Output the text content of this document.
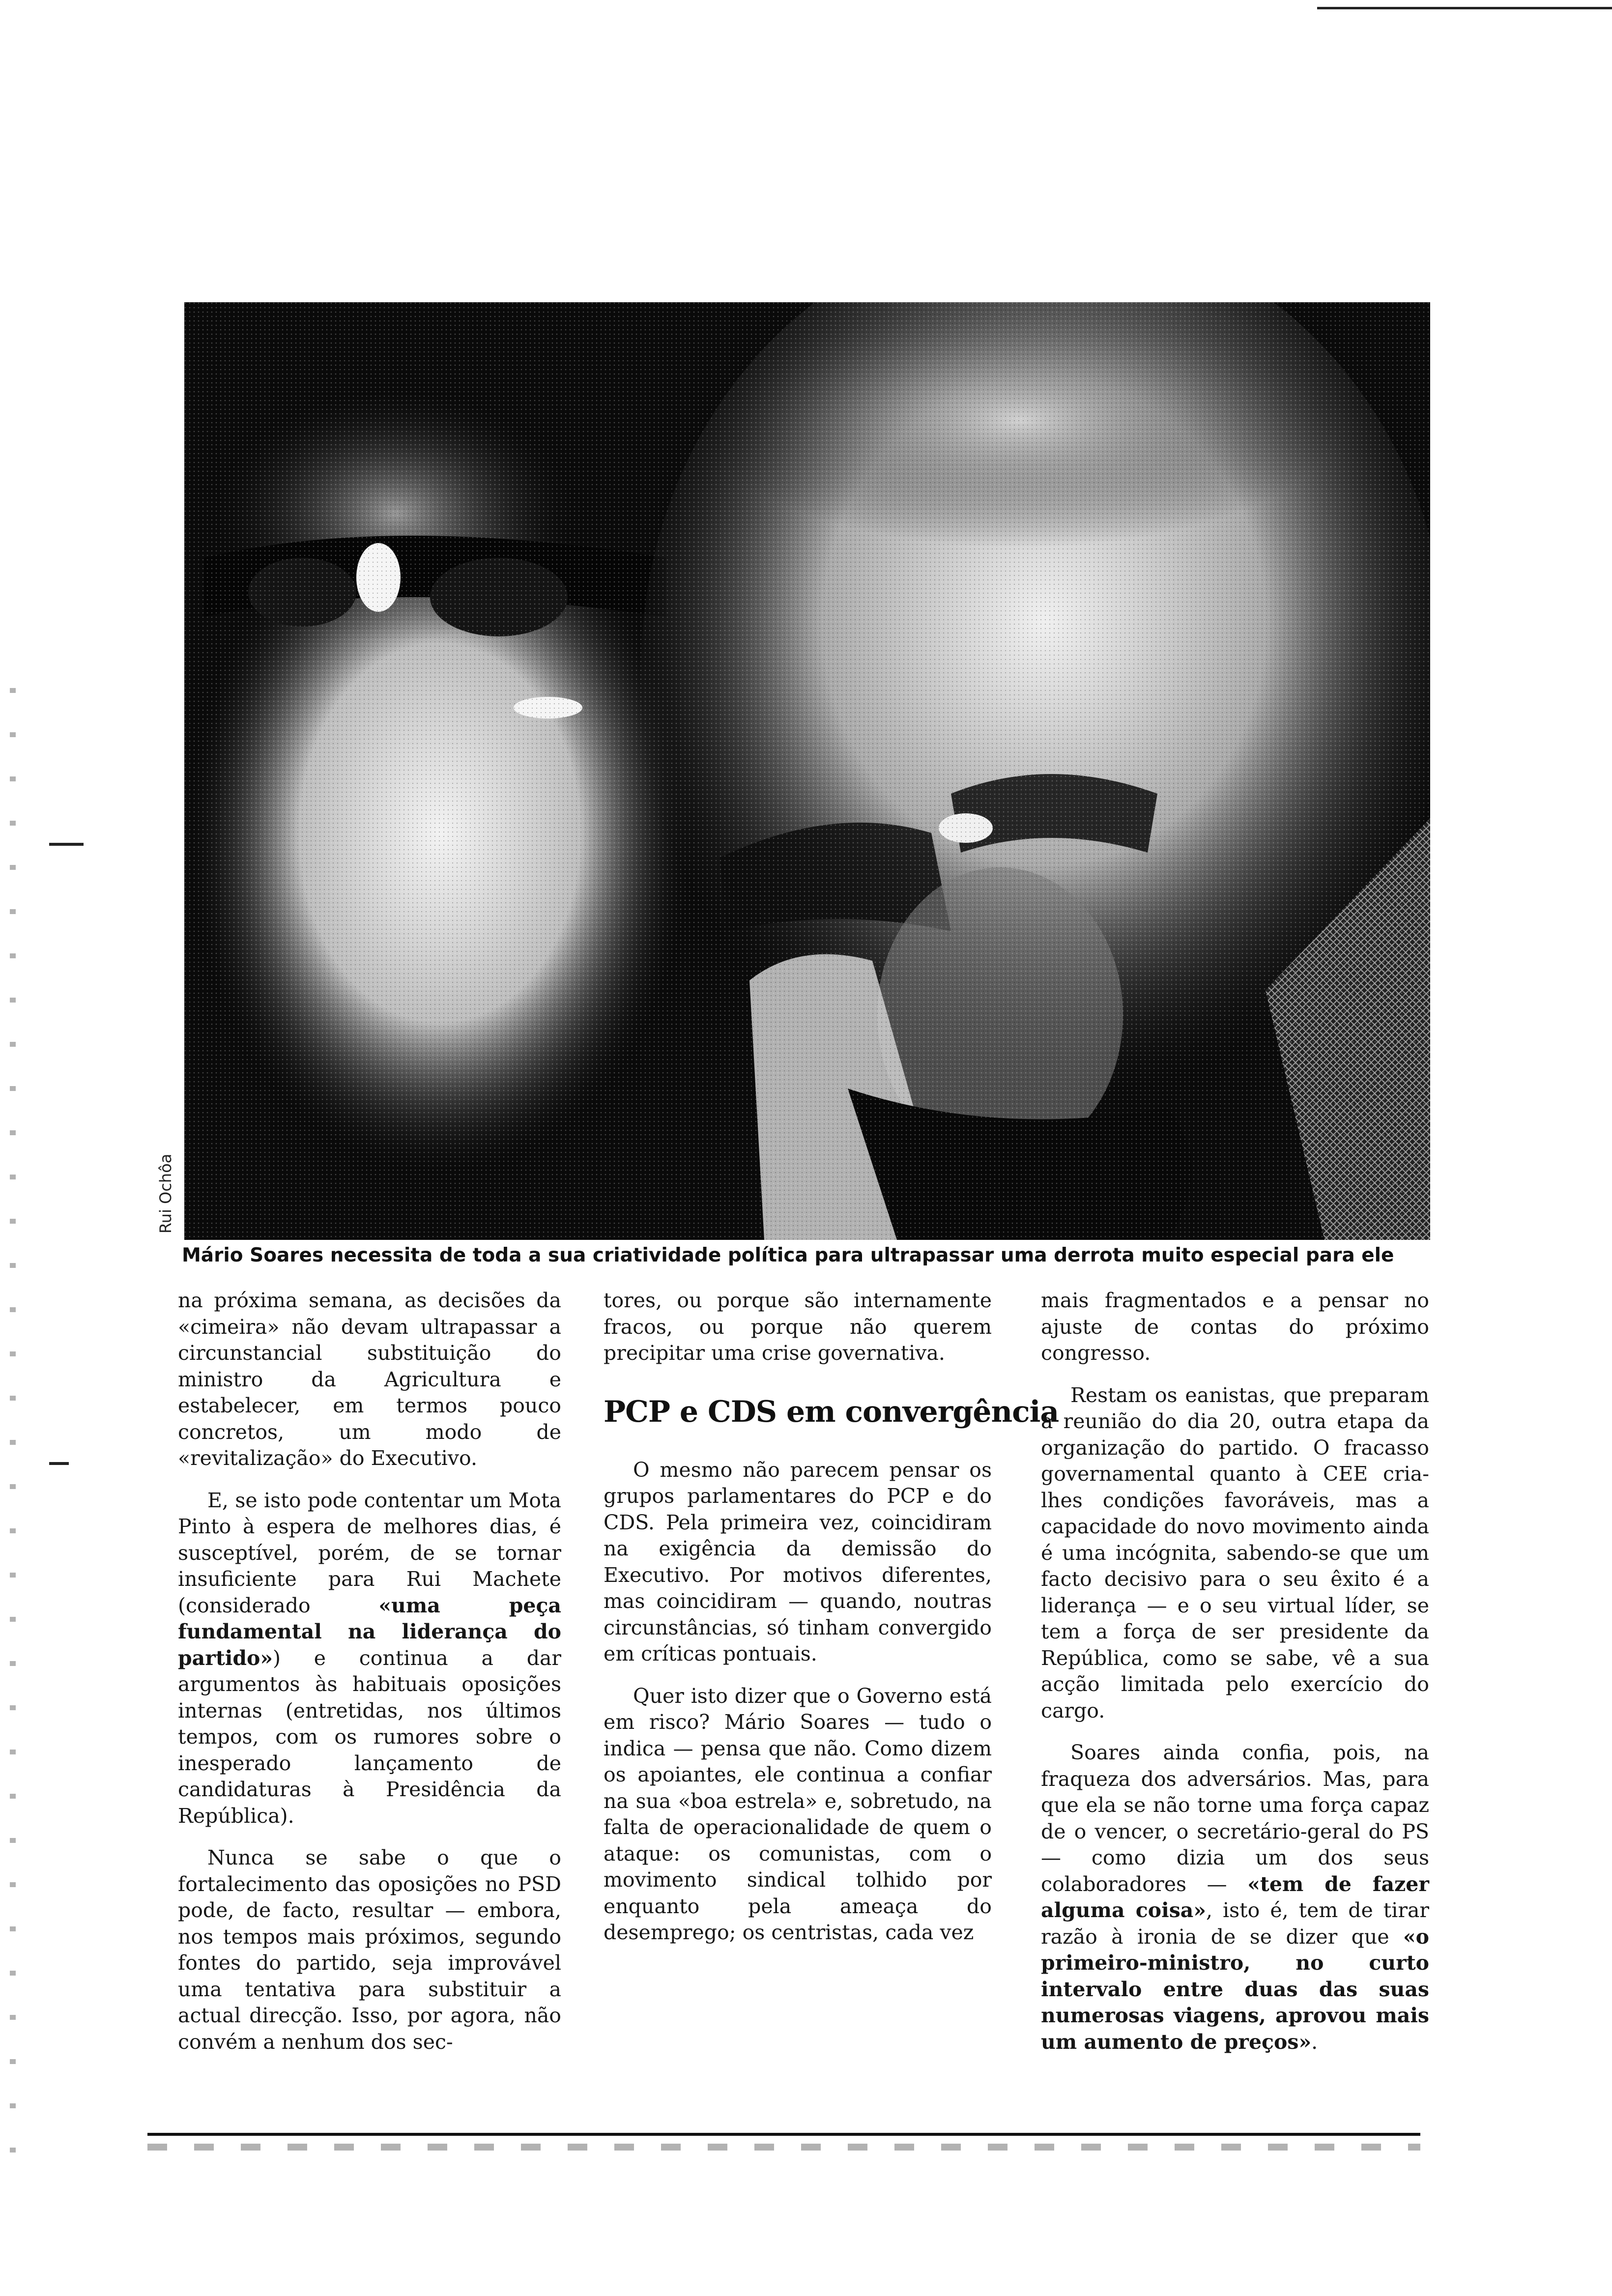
Rui Ochôa
Mário Soares necessita de toda a sua criatividade política para ultrapassar uma derrota muito especial para ele

na próxima semana, as decisões da «cimeira» não devam ultrapassar a circunstancial substituição do ministro da Agricultura e estabelecer, em termos pouco concretos, um modo de «revitalização» do Executivo.

E, se isto pode contentar um Mota Pinto à espera de melhores dias, é susceptível, porém, de se tornar insuficiente para Rui Machete (considerado «uma peça fundamental na liderança do partido») e continua a dar argumentos às habituais oposições internas (entretidas, nos últimos tempos, com os rumores sobre o inesperado lançamento de candidaturas à Presidência da República).

Nunca se sabe o que o fortalecimento das oposições no PSD pode, de facto, resultar — embora, nos tempos mais próximos, segundo fontes do partido, seja improvável uma tentativa para substituir a actual direcção. Isso, por agora, não convém a nenhum dos sec-

tores, ou porque são internamente fracos, ou porque não querem precipitar uma crise governativa.

PCP e CDS em convergência

O mesmo não parecem pensar os grupos parlamentares do PCP e do CDS. Pela primeira vez, coincidiram na exigência da demissão do Executivo. Por motivos diferentes, mas coincidiram — quando, noutras circunstâncias, só tinham convergido em críticas pontuais.

Quer isto dizer que o Governo está em risco? Mário Soares — tudo o indica — pensa que não. Como dizem os apoiantes, ele continua a confiar na sua «boa estrela» e, sobretudo, na falta de operacionalidade de quem o ataque: os comunistas, com o movimento sindical tolhido por enquanto pela ameaça do desemprego; os centristas, cada vez

mais fragmentados e a pensar no ajuste de contas do próximo congresso.

Restam os eanistas, que preparam a reunião do dia 20, outra etapa da organização do partido. O fracasso governamental quanto à CEE cria-lhes condições favoráveis, mas a capacidade do novo movimento ainda é uma incógnita, sabendo-se que um facto decisivo para o seu êxito é a liderança — e o seu virtual líder, se tem a força de ser presidente da República, como se sabe, vê a sua acção limitada pelo exercício do cargo.

Soares ainda confia, pois, na fraqueza dos adversários. Mas, para que ela se não torne uma força capaz de o vencer, o secretário-geral do PS — como dizia um dos seus colaboradores — «tem de fazer alguma coisa», isto é, tem de tirar razão à ironia de se dizer que «o primeiro-ministro, no curto intervalo entre duas das suas numerosas viagens, aprovou mais um aumento de preços».
